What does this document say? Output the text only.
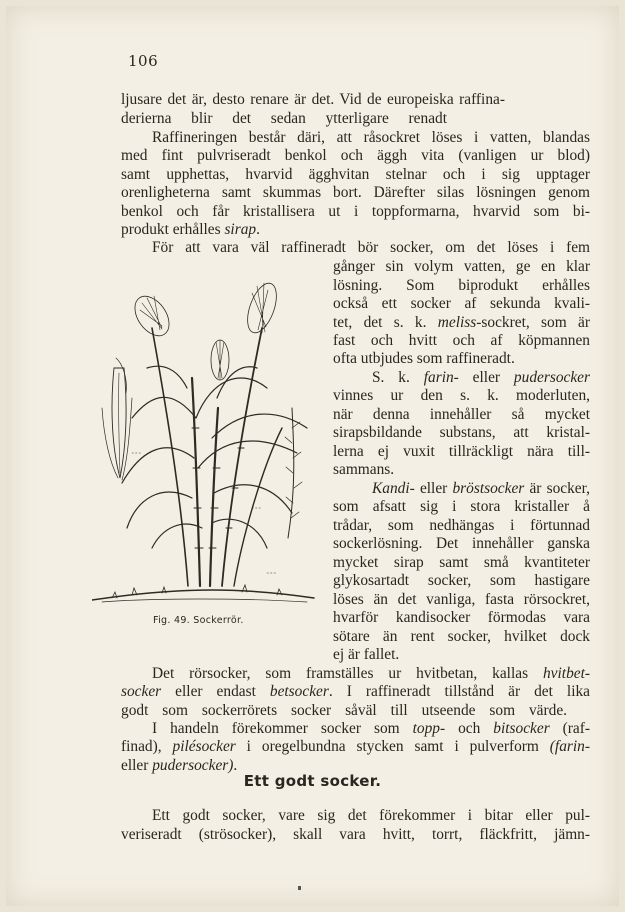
106
ljusare det är, desto renare är det. Vid de europeiska raffina-
derierna blir det sedan ytterligare renadt
Raffineringen består däri, att råsockret löses i vatten, blandas
med fint pulvriseradt benkol och äggh vita (vanligen ur blod)
samt upphettas, hvarvid ägghvitan stelnar och i sig upptager
orenligheterna samt skummas bort. Därefter silas lösningen genom
benkol och får kristallisera ut i toppformarna, hvarvid som bi-
produkt erhålles sirap.
För att vara väl raffineradt bör socker, om det löses i fem
gånger sin volym vatten, ge en klar
lösning. Som biprodukt erhålles
också ett socker af sekunda kvali-
tet, det s. k. meliss-sockret, som är
fast och hvitt och af köpmannen
ofta utbjudes som raffineradt.
S. k. farin- eller pudersocker
vinnes ur den s. k. moderluten,
när denna innehåller så mycket
sirapsbildande substans, att kristal-
lerna ej vuxit tillräckligt nära till-
sammans.
Kandi- eller bröstsocker är socker,
som afsatt sig i stora kristaller å
trådar, som nedhängas i förtunnad
sockerlösning. Det innehåller ganska
mycket sirap samt små kvantiteter
glykosartadt socker, som hastigare
löses än det vanliga, fasta rörsockret,
hvarför kandisocker förmodas vara
sötare än rent socker, hvilket dock
ej är fallet.
Det rörsocker, som framställes ur hvitbetan, kallas hvitbet-
socker eller endast betsocker. I raffineradt tillstånd är det lika
godt som sockerrörets socker såväl till utseende som värde.
I handeln förekommer socker som topp- och bitsocker (raf-
finad), pilésocker i oregelbundna stycken samt i pulverform (farin-
eller pudersocker).
Ett godt socker.
Ett godt socker, vare sig det förekommer i bitar eller pul-
veriseradt (strösocker), skall vara hvitt, torrt, fläckfritt, jämn-
Fig. 49. Sockerrör.
